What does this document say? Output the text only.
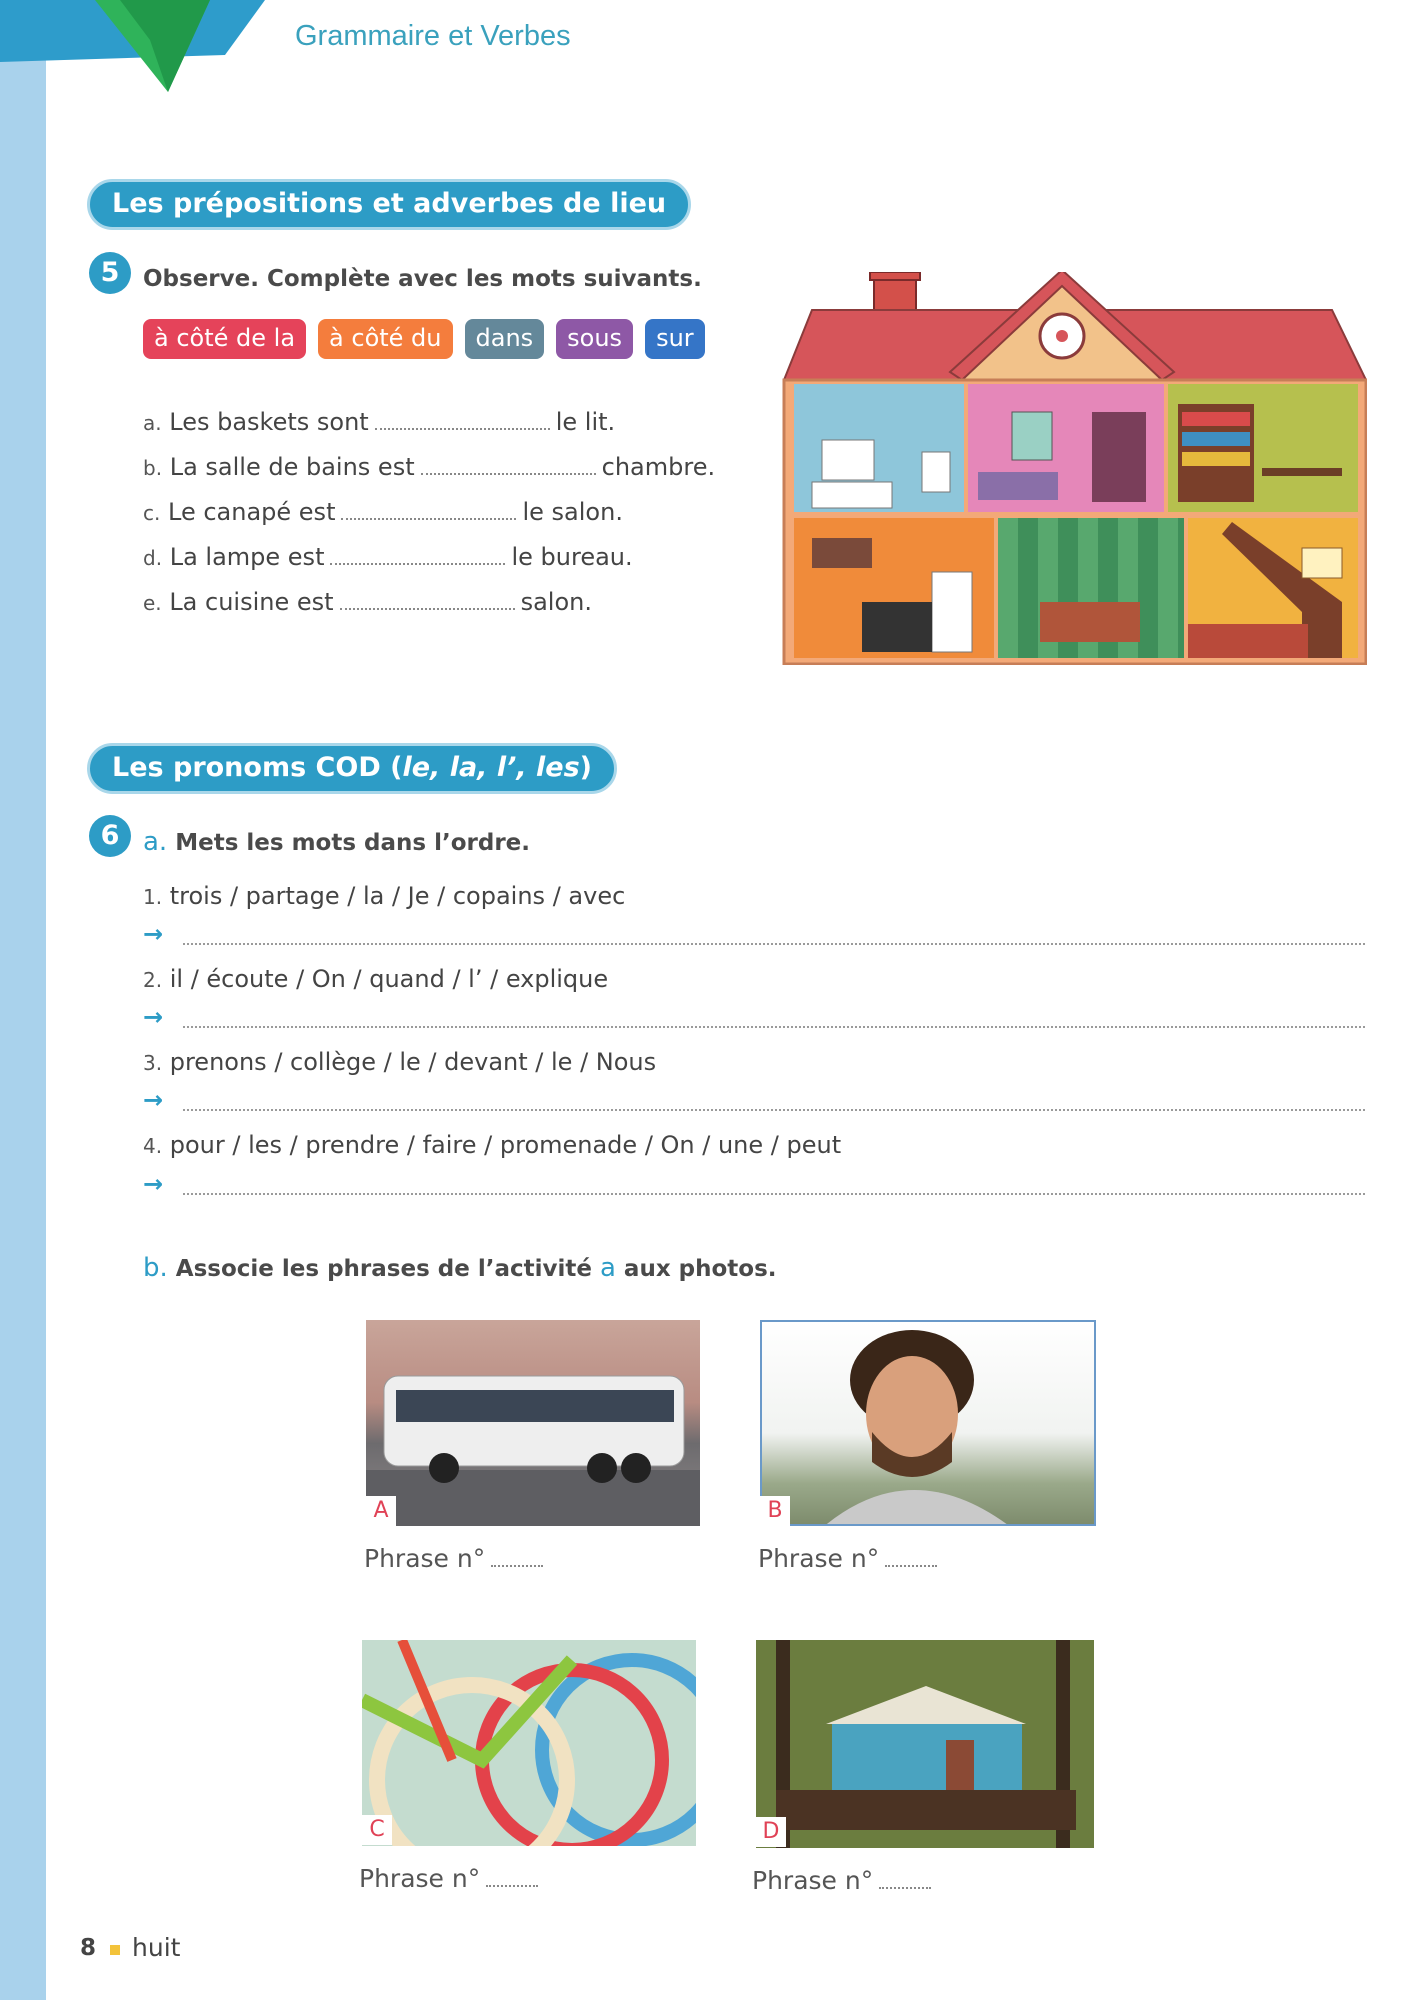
Grammaire et Verbes
Les prépositions et adverbes de lieu
5	Observe. Complète avec les mots suivants.
à côté de la	à côté du	dans	sous	sur
a. Les baskets sont	le lit.
b. La salle de bains est	chambre.
c. Le canapé est	le salon.
d. La lampe est	le bureau.
e. La cuisine est	salon.
Les pronoms COD (le, la, l’, les)
6 a. Mets les mots dans l’ordre.
1. trois / partage / la / Je / copains / avec
→
2. il / écoute / On / quand / l’ / explique
→
3. prenons / collège / le / devant / le / Nous
→
4. pour / les / prendre / faire / promenade / On / une / peut
→
b. Associe les phrases de l’activité a aux photos.
A
Phrase n°
B
Phrase n°
C
Phrase n°
D
Phrase n°
8 huit
